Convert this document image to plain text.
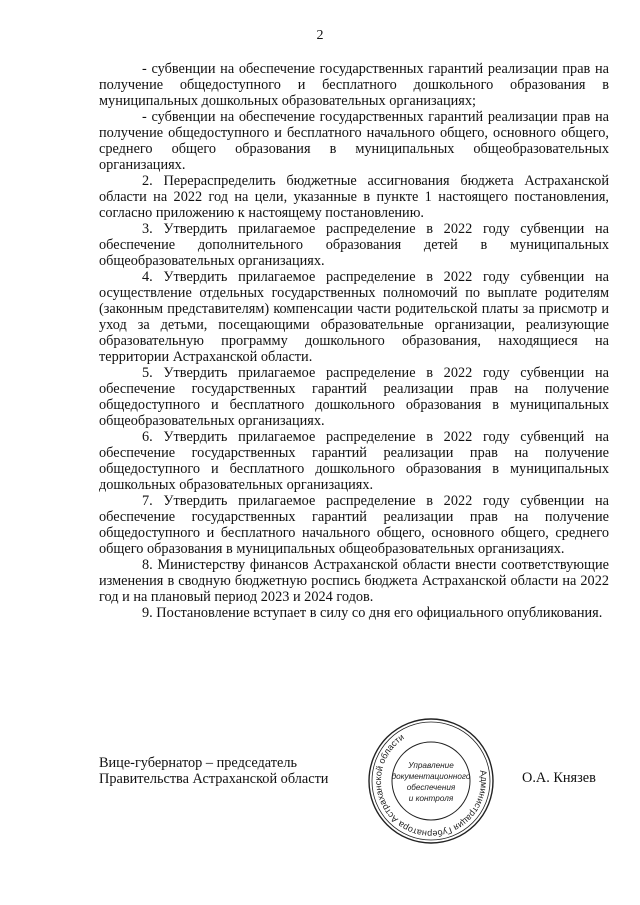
2

- субвенции на обеспечение государственных гарантий реализации прав на получение общедоступного и бесплатного дошкольного образования в муниципальных дошкольных образовательных организациях;

- субвенции на обеспечение государственных гарантий реализации прав на получение общедоступного и бесплатного начального общего, основного общего, среднего общего образования в муниципальных общеобразовательных организациях.

2. Перераспределить бюджетные ассигнования бюджета Астраханской области на 2022 год на цели, указанные в пункте 1 настоящего постановления, согласно приложению к настоящему постановлению.

3. Утвердить прилагаемое распределение в 2022 году субвенции на обеспечение дополнительного образования детей в муниципальных общеобразовательных организациях.

4. Утвердить прилагаемое распределение в 2022 году субвенции на осуществление отдельных государственных полномочий по выплате родителям (законным представителям) компенсации части родительской платы за присмотр и уход за детьми, посещающими образовательные организации, реализующие образовательную программу дошкольного образования, находящиеся на территории Астраханской области.

5. Утвердить прилагаемое распределение в 2022 году субвенции на обеспечение государственных гарантий реализации прав на получение общедоступного и бесплатного дошкольного образования в муниципальных общеобразовательных организациях.

6. Утвердить прилагаемое распределение в 2022 году субвенций на обеспечение государственных гарантий реализации прав на получение общедоступного и бесплатного дошкольного образования в муниципальных дошкольных образовательных организациях.

7. Утвердить прилагаемое распределение в 2022 году субвенции на обеспечение государственных гарантий реализации прав на получение общедоступного и бесплатного начального общего, основного общего, среднего общего образования в муниципальных общеобразовательных организациях.

8. Министерству финансов Астраханской области внести соответствующие изменения в сводную бюджетную роспись бюджета Астраханской области на 2022 год и на плановый период 2023 и 2024 годов.

9. Постановление вступает в силу со дня его официального опубликования.

Вице-губернатор – председатель
Правительства Астраханской области	Администрация Губернатора Астраханской области
Управление
документационного
обеспечения
и контроля
О.А. Князев
